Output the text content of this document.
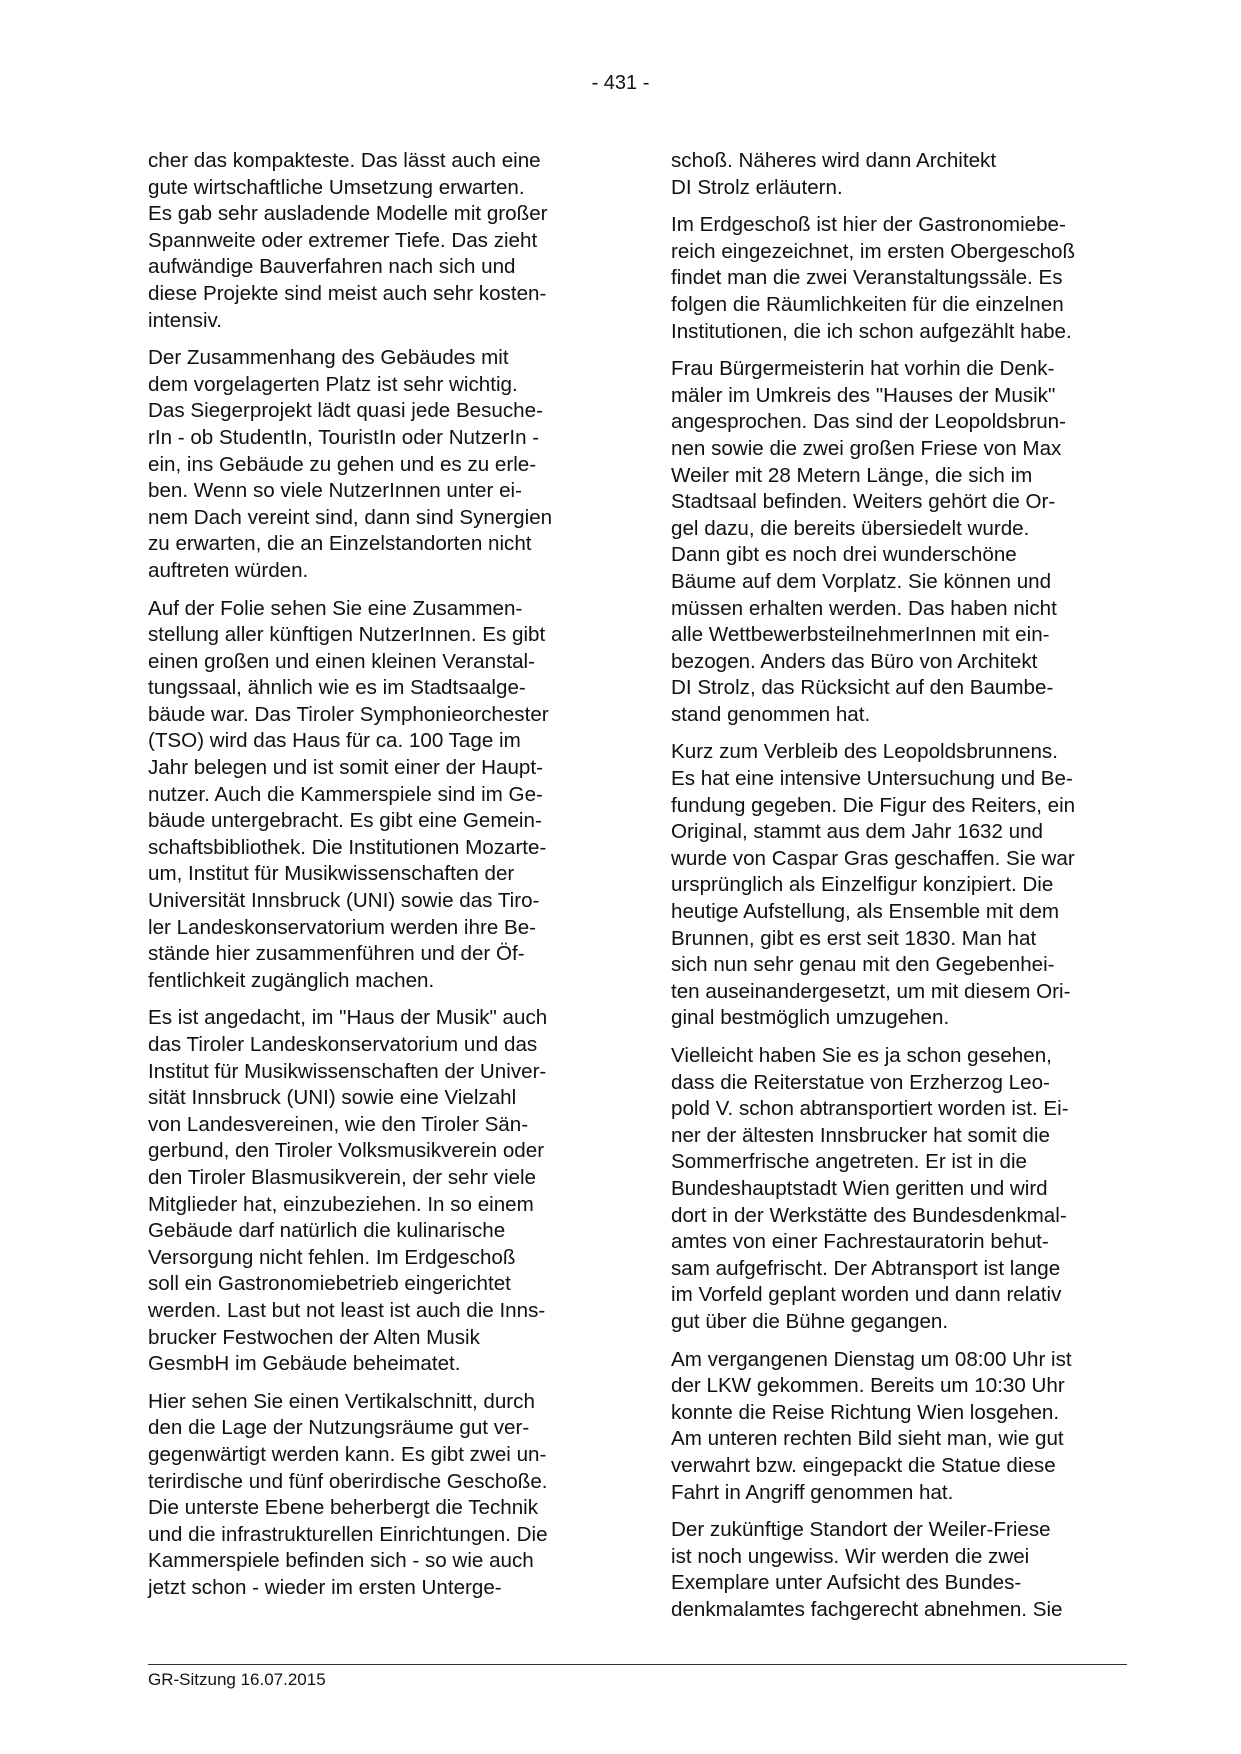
- 431 -

cher das kompakteste. Das lässt auch eine
gute wirtschaftliche Umsetzung erwarten.
Es gab sehr ausladende Modelle mit großer
Spannweite oder extremer Tiefe. Das zieht
aufwändige Bauverfahren nach sich und
diese Projekte sind meist auch sehr kosten-
intensiv.

Der Zusammenhang des Gebäudes mit
dem vorgelagerten Platz ist sehr wichtig.
Das Siegerprojekt lädt quasi jede Besuche-
rIn - ob StudentIn, TouristIn oder NutzerIn -
ein, ins Gebäude zu gehen und es zu erle-
ben. Wenn so viele NutzerInnen unter ei-
nem Dach vereint sind, dann sind Synergien
zu erwarten, die an Einzelstandorten nicht
auftreten würden.

Auf der Folie sehen Sie eine Zusammen-
stellung aller künftigen NutzerInnen. Es gibt
einen großen und einen kleinen Veranstal-
tungssaal, ähnlich wie es im Stadtsaalge-
bäude war. Das Tiroler Symphonieorchester
(TSO) wird das Haus für ca. 100 Tage im
Jahr belegen und ist somit einer der Haupt-
nutzer. Auch die Kammerspiele sind im Ge-
bäude untergebracht. Es gibt eine Gemein-
schaftsbibliothek. Die Institutionen Mozarte-
um, Institut für Musikwissenschaften der
Universität Innsbruck (UNI) sowie das Tiro-
ler Landeskonservatorium werden ihre Be-
stände hier zusammenführen und der Öf-
fentlichkeit zugänglich machen.

Es ist angedacht, im "Haus der Musik" auch
das Tiroler Landeskonservatorium und das
Institut für Musikwissenschaften der Univer-
sität Innsbruck (UNI) sowie eine Vielzahl
von Landesvereinen, wie den Tiroler Sän-
gerbund, den Tiroler Volksmusikverein oder
den Tiroler Blasmusikverein, der sehr viele
Mitglieder hat, einzubeziehen. In so einem
Gebäude darf natürlich die kulinarische
Versorgung nicht fehlen. Im Erdgeschoß
soll ein Gastronomiebetrieb eingerichtet
werden. Last but not least ist auch die Inns-
brucker Festwochen der Alten Musik
GesmbH im Gebäude beheimatet.

Hier sehen Sie einen Vertikalschnitt, durch
den die Lage der Nutzungsräume gut ver-
gegenwärtigt werden kann. Es gibt zwei un-
terirdische und fünf oberirdische Geschoße.
Die unterste Ebene beherbergt die Technik
und die infrastrukturellen Einrichtungen. Die
Kammerspiele befinden sich - so wie auch
jetzt schon - wieder im ersten Unterge-

schoß. Näheres wird dann Architekt
DI Strolz erläutern.

Im Erdgeschoß ist hier der Gastronomiebe-
reich eingezeichnet, im ersten Obergeschoß
findet man die zwei Veranstaltungssäle. Es
folgen die Räumlichkeiten für die einzelnen
Institutionen, die ich schon aufgezählt habe.

Frau Bürgermeisterin hat vorhin die Denk-
mäler im Umkreis des "Hauses der Musik"
angesprochen. Das sind der Leopoldsbrun-
nen sowie die zwei großen Friese von Max
Weiler mit 28 Metern Länge, die sich im
Stadtsaal befinden. Weiters gehört die Or-
gel dazu, die bereits übersiedelt wurde.
Dann gibt es noch drei wunderschöne
Bäume auf dem Vorplatz. Sie können und
müssen erhalten werden. Das haben nicht
alle WettbewerbsteilnehmerInnen mit ein-
bezogen. Anders das Büro von Architekt
DI Strolz, das Rücksicht auf den Baumbe-
stand genommen hat.

Kurz zum Verbleib des Leopoldsbrunnens.
Es hat eine intensive Untersuchung und Be-
fundung gegeben. Die Figur des Reiters, ein
Original, stammt aus dem Jahr 1632 und
wurde von Caspar Gras geschaffen. Sie war
ursprünglich als Einzelfigur konzipiert. Die
heutige Aufstellung, als Ensemble mit dem
Brunnen, gibt es erst seit 1830. Man hat
sich nun sehr genau mit den Gegebenhei-
ten auseinandergesetzt, um mit diesem Ori-
ginal bestmöglich umzugehen.

Vielleicht haben Sie es ja schon gesehen,
dass die Reiterstatue von Erzherzog Leo-
pold V. schon abtransportiert worden ist. Ei-
ner der ältesten Innsbrucker hat somit die
Sommerfrische angetreten. Er ist in die
Bundeshauptstadt Wien geritten und wird
dort in der Werkstätte des Bundesdenkmal-
amtes von einer Fachrestauratorin behut-
sam aufgefrischt. Der Abtransport ist lange
im Vorfeld geplant worden und dann relativ
gut über die Bühne gegangen.

Am vergangenen Dienstag um 08:00 Uhr ist
der LKW gekommen. Bereits um 10:30 Uhr
konnte die Reise Richtung Wien losgehen.
Am unteren rechten Bild sieht man, wie gut
verwahrt bzw. eingepackt die Statue diese
Fahrt in Angriff genommen hat.

Der zukünftige Standort der Weiler-Friese
ist noch ungewiss. Wir werden die zwei
Exemplare unter Aufsicht des Bundes-
denkmalamtes fachgerecht abnehmen. Sie

GR-Sitzung 16.07.2015
